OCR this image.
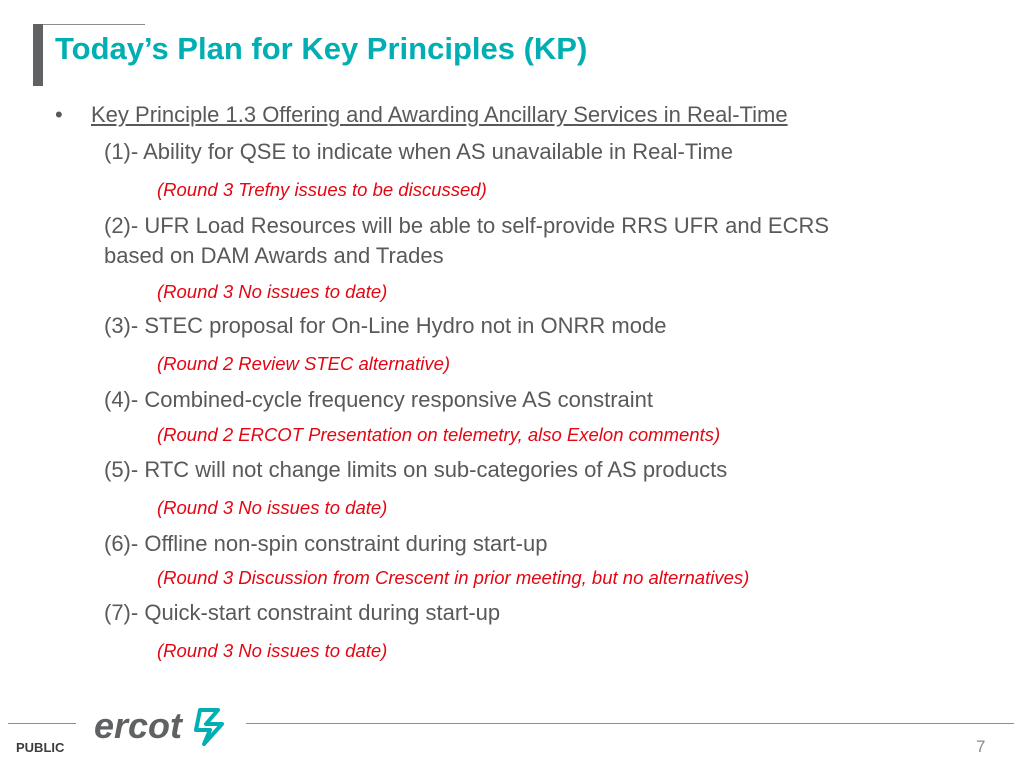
Today’s Plan for Key Principles (KP)
• Key Principle 1.3 Offering and Awarding Ancillary Services in Real-Time
(1)- Ability for QSE to indicate when AS unavailable in Real-Time
(Round 3 Trefny issues to be discussed)
(2)- UFR Load Resources will be able to self-provide RRS UFR and ECRS
based on DAM Awards and Trades
(Round 3 No issues to date)
(3)- STEC proposal for On-Line Hydro not in ONRR mode
(Round 2 Review STEC alternative)
(4)- Combined-cycle frequency responsive AS constraint
(Round 2 ERCOT Presentation on telemetry, also Exelon comments)
(5)- RTC will not change limits on sub-categories of AS products
(Round 3 No issues to date)
(6)- Offline non-spin constraint during start-up
(Round 3 Discussion from Crescent in prior meeting, but no alternatives)
(7)- Quick-start constraint during start-up
(Round 3 No issues to date)
ercot
PUBLIC	7
